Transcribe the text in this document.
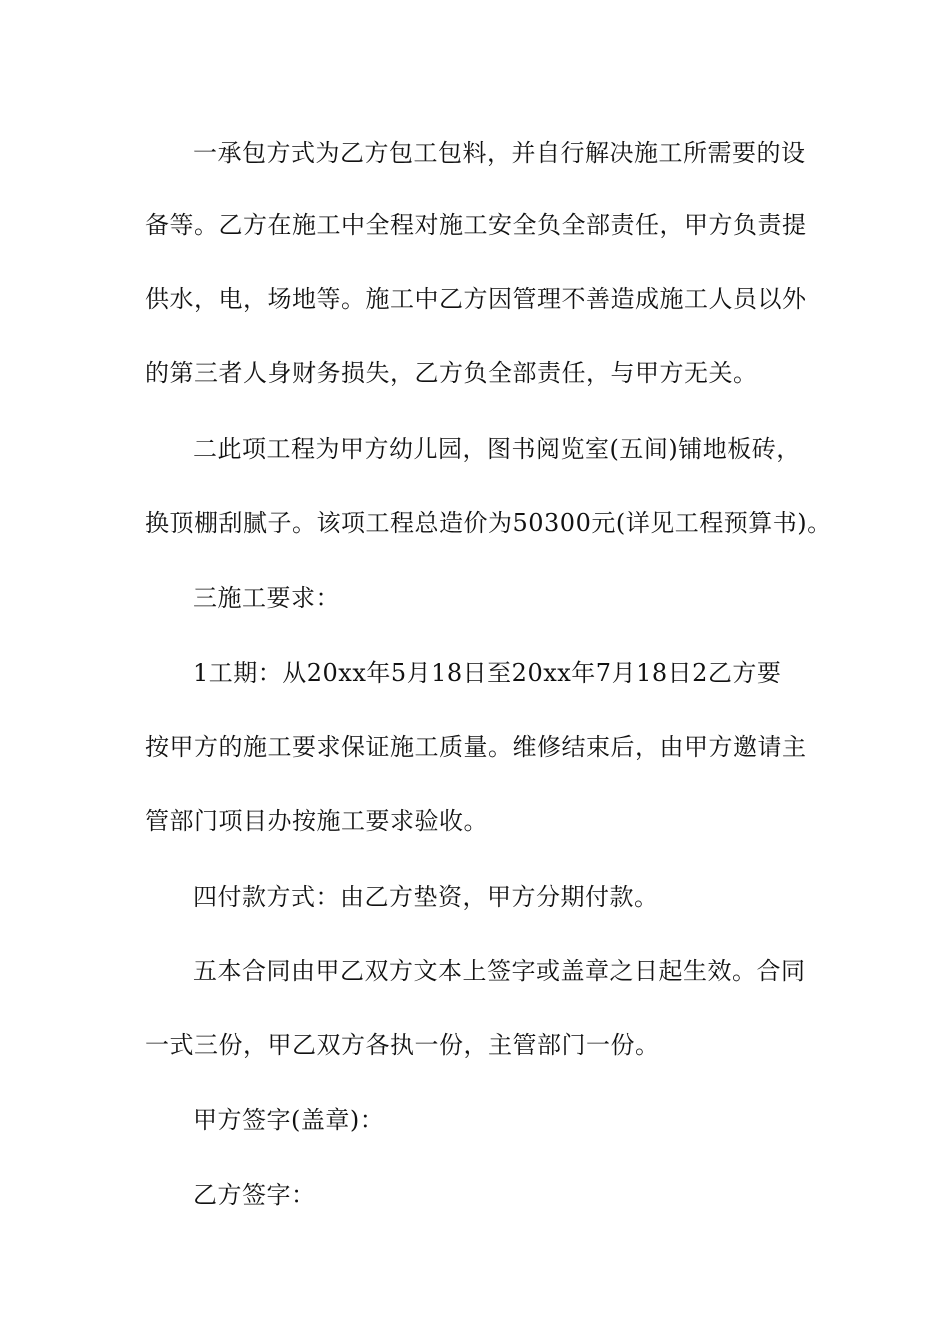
一承包方式为乙方包工包料，并自行解决施工所需要的设
备等。乙方在施工中全程对施工安全负全部责任，甲方负责提
供水，电，场地等。施工中乙方因管理不善造成施工人员以外
的第三者人身财务损失，乙方负全部责任，与甲方无关。
二此项工程为甲方幼儿园，图书阅览室(五间)铺地板砖，
换顶棚刮腻子。该项工程总造价为50300元(详见工程预算书)。
三施工要求：
1工期：从20xx年5月18日至20xx年7月18日2乙方要
按甲方的施工要求保证施工质量。维修结束后，由甲方邀请主
管部门项目办按施工要求验收。
四付款方式：由乙方垫资，甲方分期付款。
五本合同由甲乙双方文本上签字或盖章之日起生效。合同
一式三份，甲乙双方各执一份，主管部门一份。
甲方签字(盖章)：
乙方签字：
